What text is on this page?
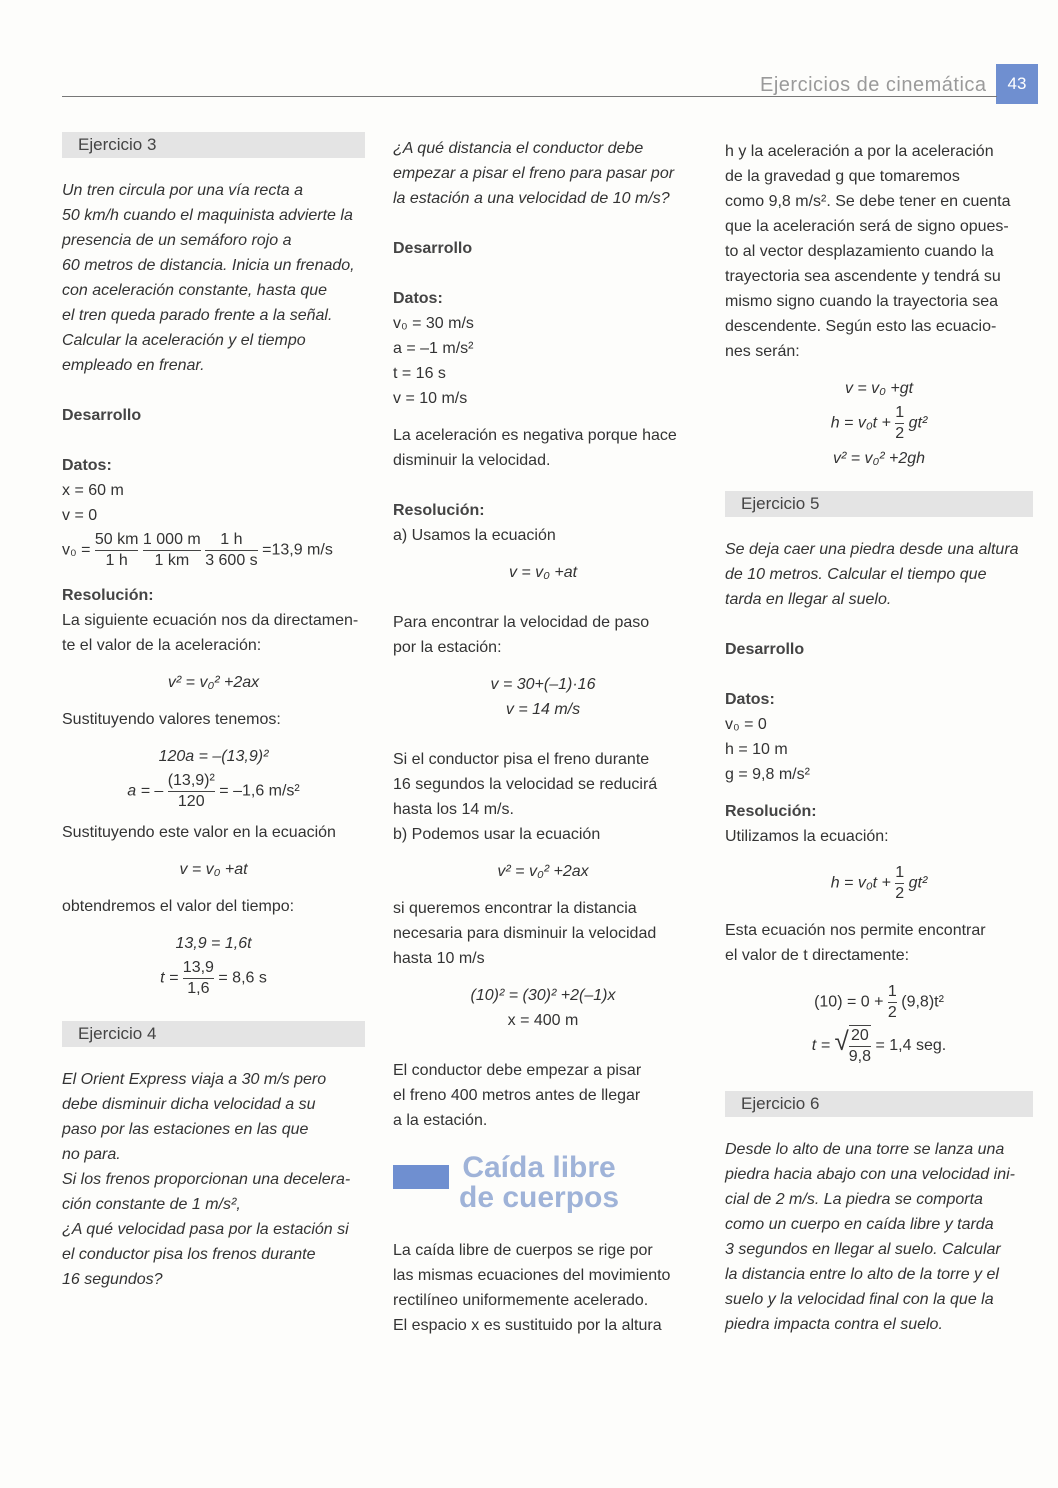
Ejercicios de cinemática	43
Ejercicio 3

Un tren circula por una vía recta a

50 km/h cuando el maquinista advierte la

presencia de un semáforo rojo a

60 metros de distancia. Inicia un frenado,

con aceleración constante, hasta que

el tren queda parado frente a la señal.

Calcular la aceleración y el tiempo

empleado en frenar.

Desarrollo

Datos:

x = 60 m

v = 0

$v_0 = \frac{50 km}{1 h}$
$\frac{1 000 m}{1 km}$
$\frac{1 h}{3 600 s} =13,9$ m/s

Resolución:

La siguiente ecuación nos da directamen-

te el valor de la aceleración:

v² = v₀² +2ax

Sustituyendo valores tenemos:

120a = –(13,9)²

a = – $\frac{\text{(13,9)²}}{120} = -1,6$ m/s²

Sustituyendo este valor en la ecuación

v = v₀ +at

obtendremos el valor del tiempo:

13,9 = 1,6t

$t = \frac{13,9}{1,6} = 8,6$ s
Ejercicio 4

El Orient Express viaja a 30 m/s pero

debe disminuir dicha velocidad a su

paso por las estaciones en las que

no para.

Si los frenos proporcionan una decelera-

ción constante de 1 m/s²,

¿A qué velocidad pasa por la estación si

el conductor pisa los frenos durante

16 segundos?

¿A qué distancia el conductor debe

empezar a pisar el freno para pasar por

la estación a una velocidad de 10 m/s?

Desarrollo

Datos:

v₀ = 30 m/s

a = –1 m/s²

t = 16 s

v = 10 m/s

La aceleración es negativa porque hace

disminuir la velocidad.

Resolución:

a) Usamos la ecuación

v = v₀ +at

Para encontrar la velocidad de paso

por la estación:

v = 30+(–1)·16

v = 14 m/s

Si el conductor pisa el freno durante

16 segundos la velocidad se reducirá

hasta los 14 m/s.

b) Podemos usar la ecuación

v² = v₀² +2ax

si queremos encontrar la distancia

necesaria para disminuir la velocidad

hasta 10 m/s

(10)² = (30)² +2(–1)x

x = 400 m

El conductor debe empezar a pisar

el freno 400 metros antes de llegar

a la estación.

Caída libre
de cuerpos

La caída libre de cuerpos se rige por

las mismas ecuaciones del movimiento

rectilíneo uniformemente acelerado.

El espacio x es sustituido por la altura

h y la aceleración a por la aceleración

de la gravedad g que tomaremos

como 9,8 m/s². Se debe tener en cuenta

que la aceleración será de signo opues-

to al vector desplazamiento cuando la

trayectoria sea ascendente y tendrá su

mismo signo cuando la trayectoria sea

descendente. Según esto las ecuacio-

nes serán:

v = v₀ +gt

$h = v_0t + \frac{1}{2} gt^2$

v² = v₀² +2gh

Ejercicio 5

Se deja caer una piedra desde una altura

de 10 metros. Calcular el tiempo que

tarda en llegar al suelo.

Desarrollo

Datos:

v₀ = 0

h = 10 m

g = 9,8 m/s²

Resolución:

Utilizamos la ecuación:

$h = v_0t + \frac{1}{2} gt^2$

Esta ecuación nos permite encontrar

el valor de t directamente:

$(10) = 0 + \frac{1}{2} (9,8)t^2$
t = √ $\frac{20}{9,8} = 1,4$ seg.
Ejercicio 6

Desde lo alto de una torre se lanza una

piedra hacia abajo con una velocidad ini-

cial de 2 m/s. La piedra se comporta

como un cuerpo en caída libre y tarda

3 segundos en llegar al suelo. Calcular

la distancia entre lo alto de la torre y el

suelo y la velocidad final con la que la

piedra impacta contra el suelo.
